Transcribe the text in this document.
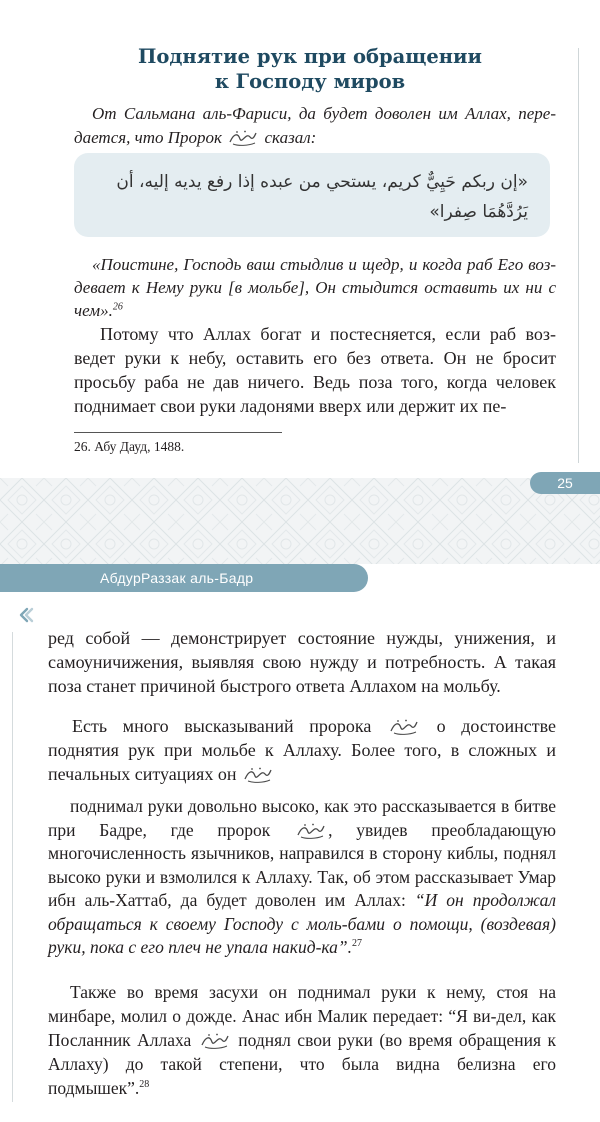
Поднятие рук при обращении
к Господу миров
От Сальмана аль-Фариси, да будет доволен им Аллах, пере-дается, что Пророк	сказал:
«إن ربكم حَيِيٌّ كريم، يستحي من عبده إذا رفع يديه إليه، أن يَرُدَّهُمَا صِفرا»
«Поистине, Господь ваш стыдлив и щедр, и когда раб Его воз-девает к Нему руки [в мольбе], Он стыдится оставить их ни с чем».$^{26}$
Потому что Аллах богат и постесняется, если раб воз-ведет руки к небу, оставить его без ответа. Он не бросит просьбу раба не дав ничего. Ведь поза того, когда человек поднимает свои руки ладонями вверх или держит их пе-
26. Абу Дауд, 1488.
25
АбдурРаззак аль-Бадр
ред собой — демонстрирует состояние нужды, унижения, и самоуничижения, выявляя свою нужду и потребность. А такая поза станет причиной быстрого ответа Аллахом на мольбу.
Есть много высказываний пророка	о достоинстве поднятия рук при мольбе к Аллаху. Более того, в сложных и печальных ситуациях он
поднимал руки довольно высоко, как это рассказывается в битве при Бадре, где пророк	, увидев преобладающую многочисленность язычников, направился в сторону киблы, поднял высоко руки и взмолился к Аллаху. Так, об этом рассказывает Умар ибн аль-Хаттаб, да будет доволен им Аллах: “И он продолжал обращаться к своему Господу с моль-бами о помощи, (воздевая) руки, пока с его плеч не упала накид-ка”.$^{27}$
Также во время засухи он поднимал руки к нему, стоя на минбаре, молил о дожде. Анас ибн Малик передает: “Я ви-дел, как Посланник Аллаха	поднял свои руки (во время обращения к Аллаху) до такой степени, что была видна белизна его подмышек”.$^{28}$
